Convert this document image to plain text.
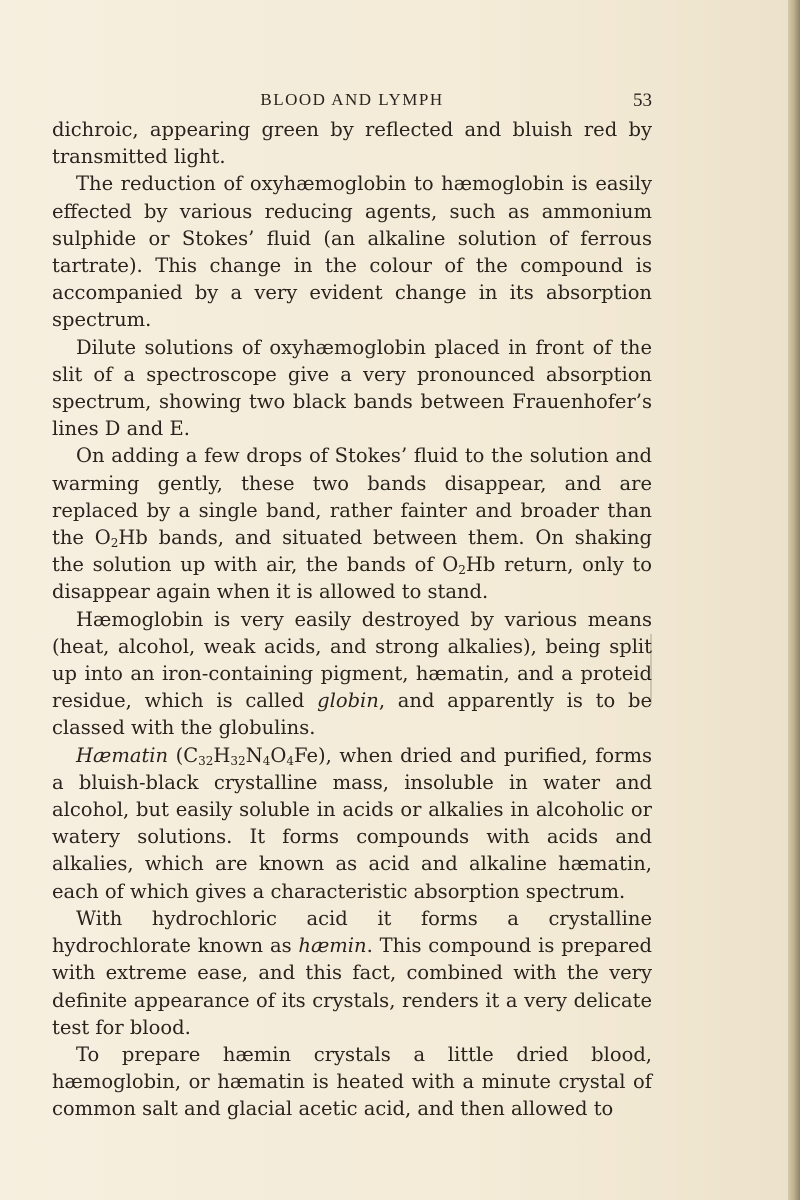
BLOOD AND LYMPH	53

dichroic, appearing green by reflected and bluish red by transmitted light.

The reduction of oxyhæmoglobin to hæmoglobin is easily effected by various reducing agents, such as ammonium sulphide or Stokes’ fluid (an alkaline solution of ferrous tartrate). This change in the colour of the compound is accompanied by a very evident change in its absorption spectrum.

Dilute solutions of oxyhæmoglobin placed in front of the slit of a spectroscope give a very pronounced absorption spectrum, showing two black bands between Frauenhofer’s lines D and E.

On adding a few drops of Stokes’ fluid to the solution and warming gently, these two bands disappear, and are replaced by a single band, rather fainter and broader than the $O_2Hb$ bands, and situated between them. On shaking the solution up with air, the bands of $O_2Hb$ return, only to disappear again when it is allowed to stand.

Hæmoglobin is very easily destroyed by various means (heat, alcohol, weak acids, and strong alkalies), being split up into an iron-containing pigment, hæmatin, and a proteid residue, which is called globin, and apparently is to be classed with the globulins.

Hæmatin $(C_{32}H_{32}N_4O_4Fe)$, when dried and purified, forms a bluish-black crystalline mass, insoluble in water and alcohol, but easily soluble in acids or alkalies in alcoholic or watery solutions. It forms compounds with acids and alkalies, which are known as acid and alkaline hæmatin, each of which gives a characteristic absorption spectrum.

With hydrochloric acid it forms a crystalline hydrochlorate known as hæmin. This compound is prepared with extreme ease, and this fact, combined with the very definite appearance of its crystals, renders it a very delicate test for blood.

To prepare hæmin crystals a little dried blood, hæmoglobin, or hæmatin is heated with a minute crystal of common salt and glacial acetic acid, and then allowed to
